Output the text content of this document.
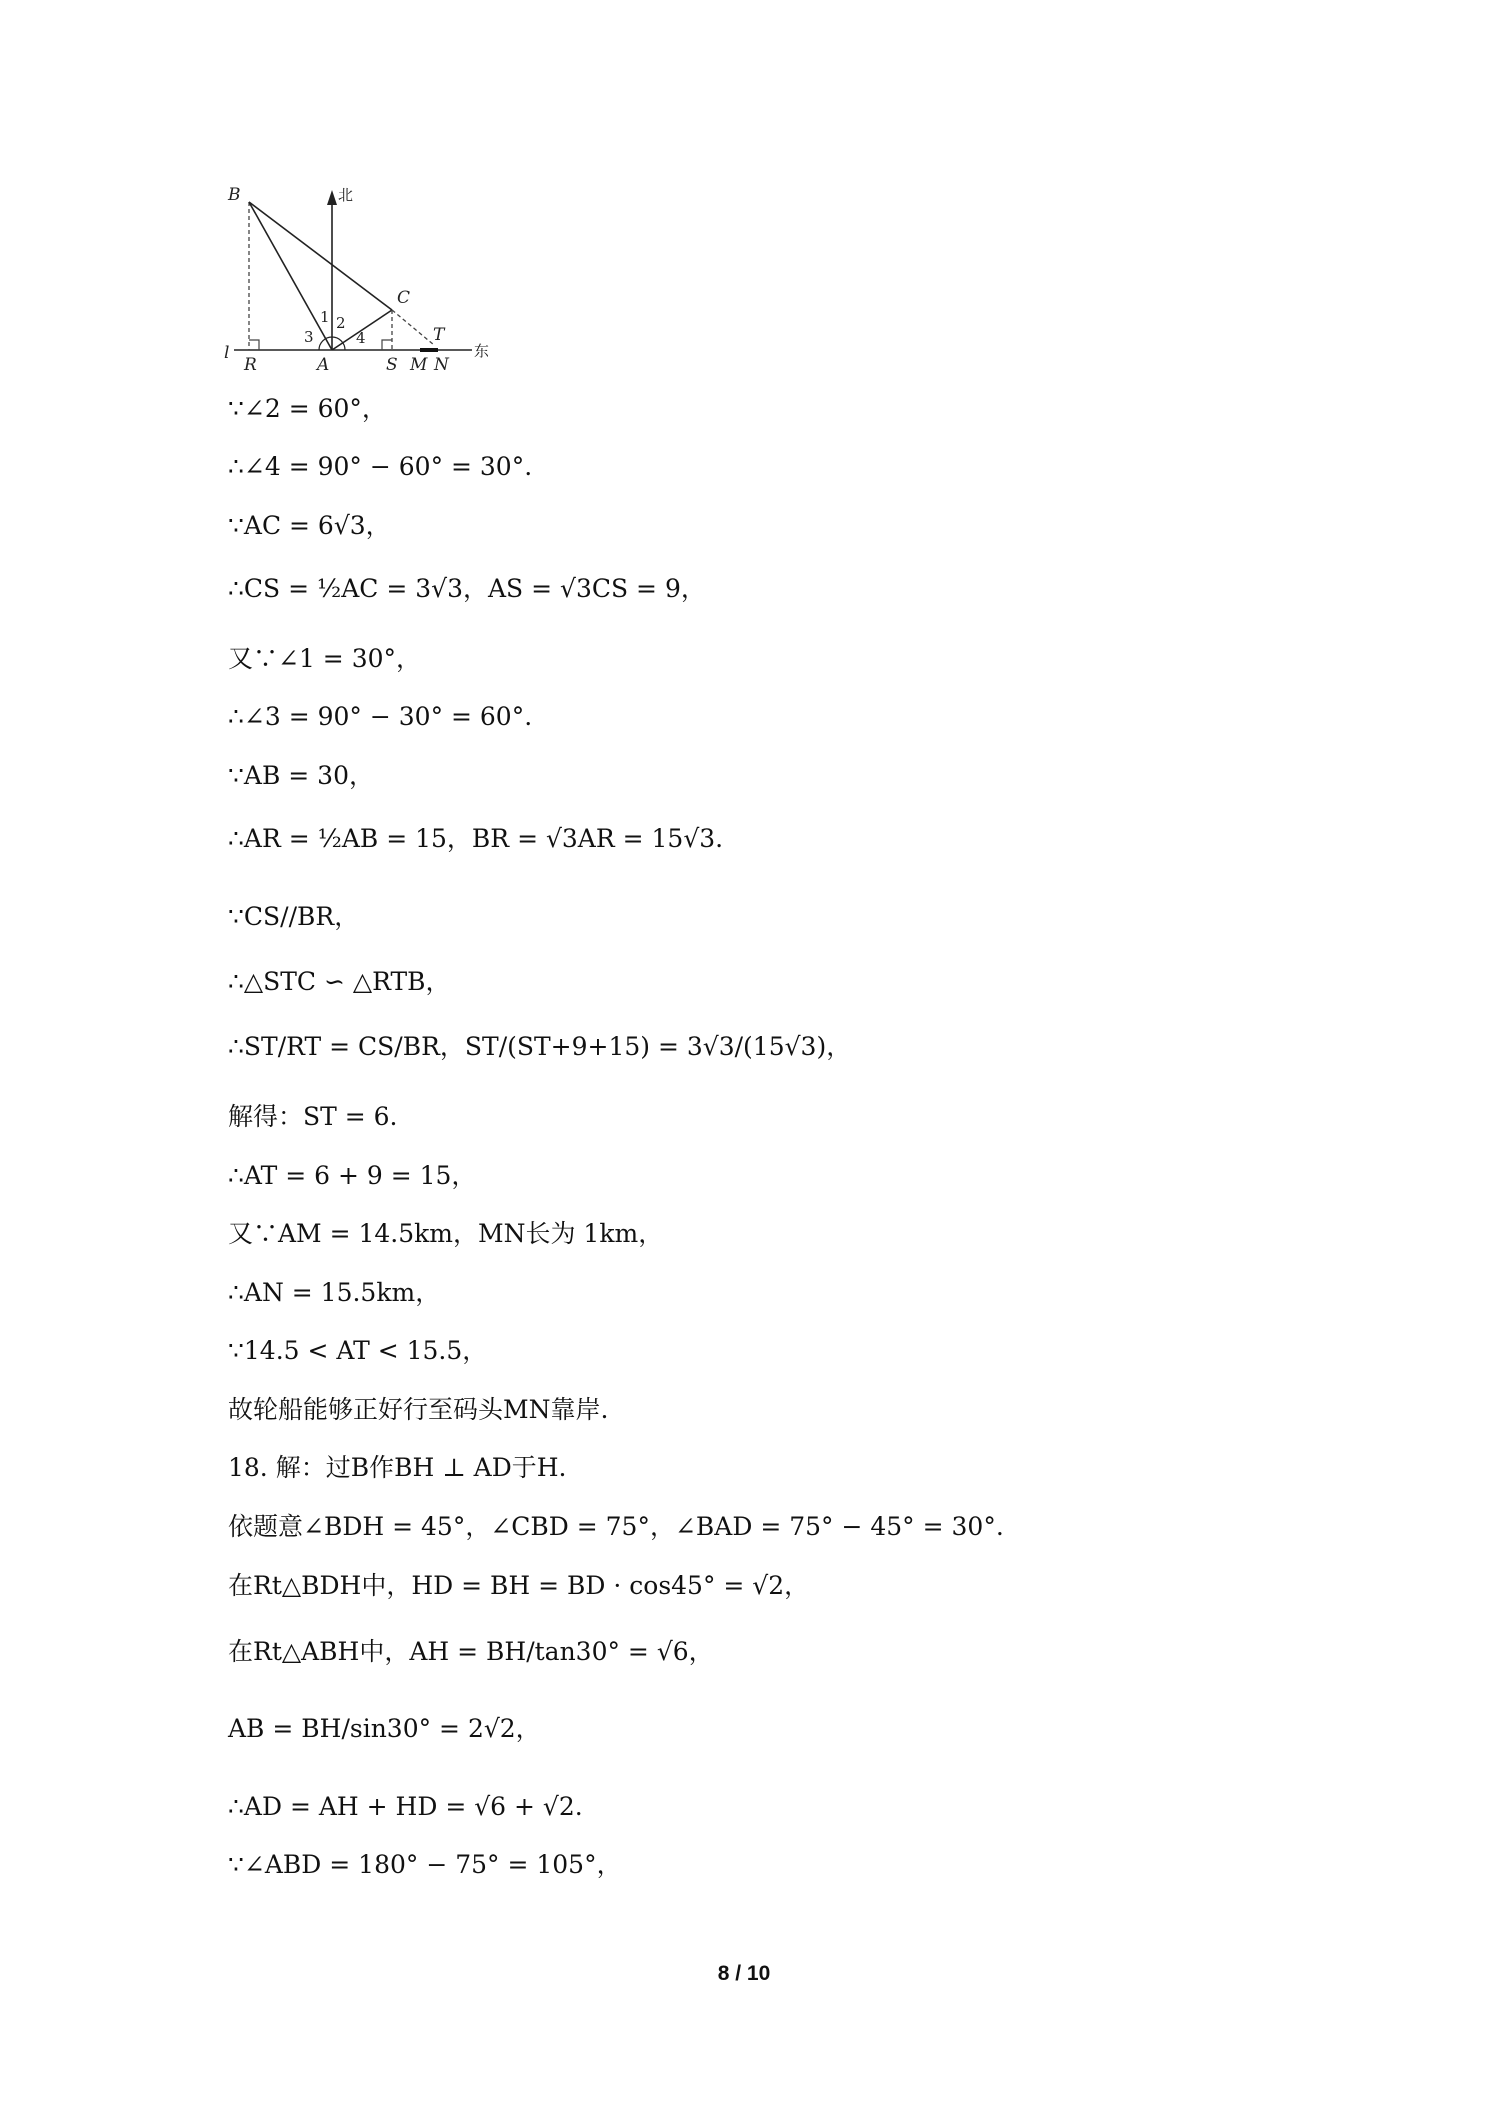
B
C
T
北
东
l
R	A	S M N
1 2
3	4
∵∠2 = 60°，
∴∠4 = 90° − 60° = 30°.
∵AC = 6√3，
∴CS = ½AC = 3√3，AS = √3CS = 9，
又∵∠1 = 30°，
∴∠3 = 90° − 30° = 60°.
∵AB = 30，
∴AR = ½AB = 15，BR = √3AR = 15√3.
∵CS//BR，
∴△STC ∽ △RTB，
∴ST/RT = CS/BR，ST/(ST+9+15) = 3√3/(15√3)，
解得：ST = 6.
∴AT = 6 + 9 = 15，
又∵AM = 14.5km，MN长为 1km，
∴AN = 15.5km，
∵14.5 < AT < 15.5，
故轮船能够正好行至码头MN靠岸.
18. 解：过B作BH ⊥ AD于H.
依题意∠BDH = 45°，∠CBD = 75°，∠BAD = 75° − 45° = 30°.
在Rt△BDH中，HD = BH = BD · cos45° = √2，
在Rt△ABH中，AH = BH/tan30° = √6，
AB = BH/sin30° = 2√2，
∴AD = AH + HD = √6 + √2.
∵∠ABD = 180° − 75° = 105°，
8 / 10
